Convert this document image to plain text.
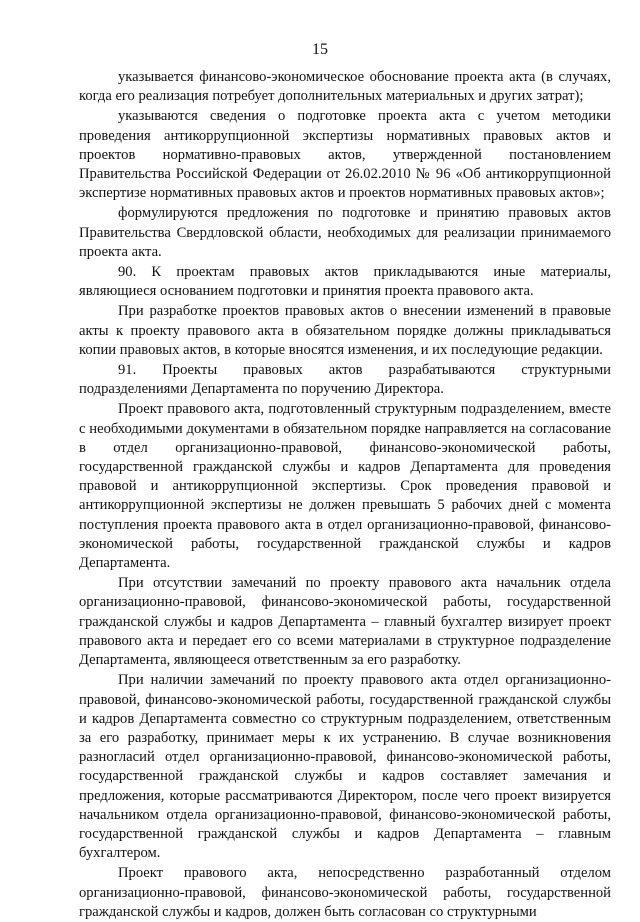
15

указывается финансово-экономическое обоснование проекта акта (в случаях, когда его реализация потребует дополнительных материальных и других затрат);

указываются сведения о подготовке проекта акта с учетом методики проведения антикоррупционной экспертизы нормативных правовых актов и проектов нормативно-правовых актов, утвержденной постановлением Правительства Российской Федерации от 26.02.2010 № 96 «Об антикоррупционной экспертизе нормативных правовых актов и проектов нормативных правовых актов»;

формулируются предложения по подготовке и принятию правовых актов Правительства Свердловской области, необходимых для реализации принимаемого проекта акта.

90. К проектам правовых актов прикладываются иные материалы, являющиеся основанием подготовки и принятия проекта правового акта.

При разработке проектов правовых актов о внесении изменений в правовые акты к проекту правового акта в обязательном порядке должны прикладываться копии правовых актов, в которые вносятся изменения, и их последующие редакции.

91. Проекты правовых актов разрабатываются структурными подразделениями Департамента по поручению Директора.

Проект правового акта, подготовленный структурным подразделением, вместе с необходимыми документами в обязательном порядке направляется на согласование в отдел организационно-правовой, финансово-экономической работы, государственной гражданской службы и кадров Департамента для проведения правовой и антикоррупционной экспертизы. Срок проведения правовой и антикоррупционной экспертизы не должен превышать 5 рабочих дней с момента поступления проекта правового акта в отдел организационно-правовой, финансово-экономической работы, государственной гражданской службы и кадров Департамента.

При отсутствии замечаний по проекту правового акта начальник отдела организационно-правовой, финансово-экономической работы, государственной гражданской службы и кадров Департамента – главный бухгалтер визирует проект правового акта и передает его со всеми материалами в структурное подразделение Департамента, являющееся ответственным за его разработку.

При наличии замечаний по проекту правового акта отдел организационно-правовой, финансово-экономической работы, государственной гражданской службы и кадров Департамента совместно со структурным подразделением, ответственным за его разработку, принимает меры к их устранению. В случае возникновения разногласий отдел организационно-правовой, финансово-экономической работы, государственной гражданской службы и кадров составляет замечания и предложения, которые рассматриваются Директором, после чего проект визируется начальником отдела организационно-правовой, финансово-экономической работы, государственной гражданской службы и кадров Департамента – главным бухгалтером.

Проект правового акта, непосредственно разработанный отделом организационно-правовой, финансово-экономической работы, государственной гражданской службы и кадров, должен быть согласован со структурными
